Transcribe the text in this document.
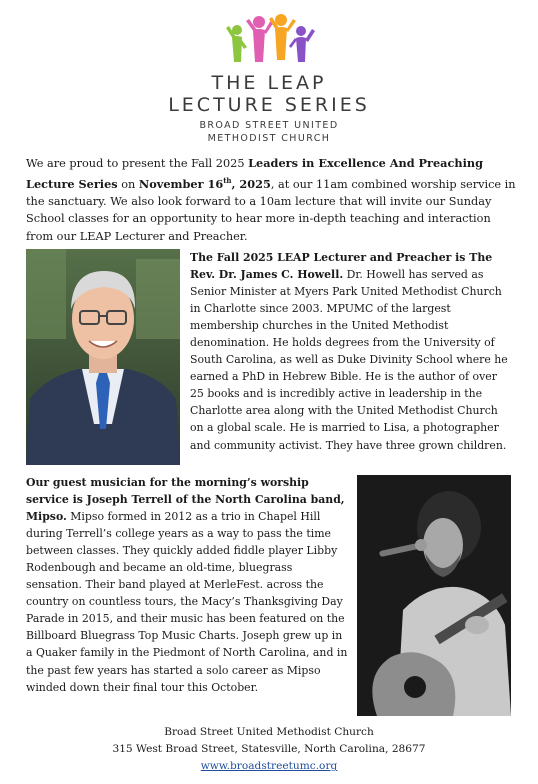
THE LEAP
LECTURE SERIES
BROAD STREET UNITED
METHODIST CHURCH

We are proud to present the Fall 2025 Leaders in Excellence And Preaching Lecture Series on November 16th, 2025, at our 11am combined worship service in the sanctuary. We also look forward to a 10am lecture that will invite our Sunday School classes for an opportunity to hear more in-depth teaching and interaction from our LEAP Lecturer and Preacher.

The Fall 2025 LEAP Lecturer and Preacher is The Rev. Dr. James C. Howell. Dr. Howell has served as Senior Minister at Myers Park United Methodist Church in Charlotte since 2003. MPUMC of the largest membership churches in the United Methodist denomination. He holds degrees from the University of South Carolina, as well as Duke Divinity School where he earned a PhD in Hebrew Bible. He is the author of over 25 books and is incredibly active in leadership in the Charlotte area along with the United Methodist Church on a global scale. He is married to Lisa, a photographer and community activist. They have three grown children.

Our guest musician for the morning’s worship service is Joseph Terrell of the North Carolina band, Mipso. Mipso formed in 2012 as a trio in Chapel Hill during Terrell’s college years as a way to pass the time between classes. They quickly added fiddle player Libby Rodenbough and became an old-time, bluegrass sensation. Their band played at MerleFest. across the country on countless tours, the Macy’s Thanksgiving Day Parade in 2015, and their music has been featured on the Billboard Bluegrass Top Music Charts. Joseph grew up in a Quaker family in the Piedmont of North Carolina, and in the past few years has started a solo career as Mipso winded down their final tour this October.

Broad Street United Methodist Church
315 West Broad Street, Statesville, North Carolina, 28677
www.broadstreetumc.org
